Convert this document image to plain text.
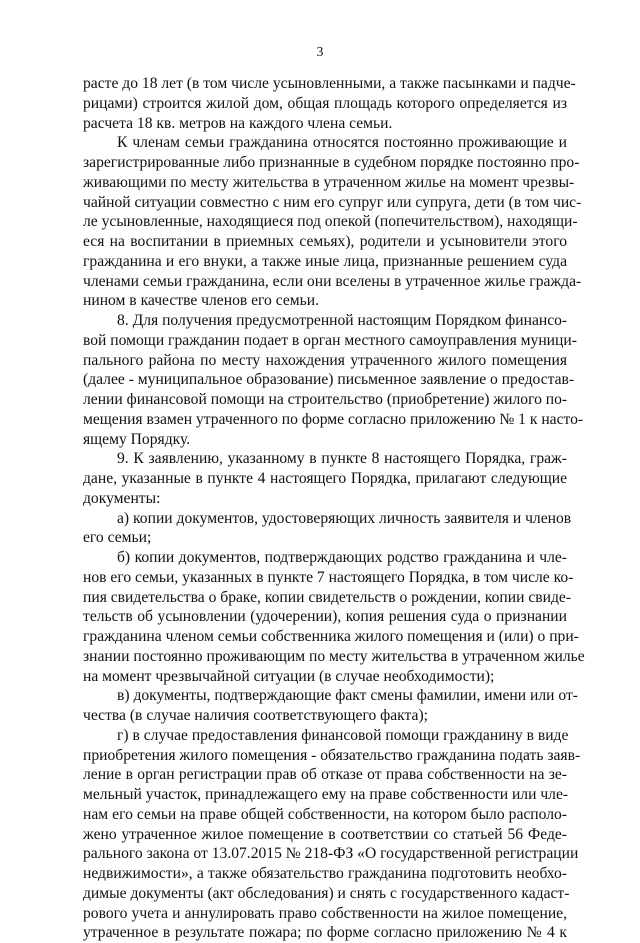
3
расте до 18 лет (в том числе усыновленными, а также пасынками и падче-
рицами) строится жилой дом, общая площадь которого определяется из
расчета 18 кв. метров на каждого члена семьи.
К членам семьи гражданина относятся постоянно проживающие и
зарегистрированные либо признанные в судебном порядке постоянно про-
живающими по месту жительства в утраченном жилье на момент чрезвы-
чайной ситуации совместно с ним его супруг или супруга, дети (в том чис-
ле усыновленные, находящиеся под опекой (попечительством), находящи-
еся на воспитании в приемных семьях), родители и усыновители этого
гражданина и его внуки, а также иные лица, признанные решением суда
членами семьи гражданина, если они вселены в утраченное жилье гражда-
нином в качестве членов его семьи.
8. Для получения предусмотренной настоящим Порядком финансо-
вой помощи гражданин подает в орган местного самоуправления муници-
пального района по месту нахождения утраченного жилого помещения
(далее - муниципальное образование) письменное заявление о предостав-
лении финансовой помощи на строительство (приобретение) жилого по-
мещения взамен утраченного по форме согласно приложению № 1 к насто-
ящему Порядку.
9. К заявлению, указанному в пункте 8 настоящего Порядка, граж-
дане, указанные в пункте 4 настоящего Порядка, прилагают следующие
документы:
а) копии документов, удостоверяющих личность заявителя и членов
его семьи;
б) копии документов, подтверждающих родство гражданина и чле-
нов его семьи, указанных в пункте 7 настоящего Порядка, в том числе ко-
пия свидетельства о браке, копии свидетельств о рождении, копии свиде-
тельств об усыновлении (удочерении), копия решения суда о признании
гражданина членом семьи собственника жилого помещения и (или) о при-
знании постоянно проживающим по месту жительства в утраченном жилье
на момент чрезвычайной ситуации (в случае необходимости);
в) документы, подтверждающие факт смены фамилии, имени или от-
чества (в случае наличия соответствующего факта);
г) в случае предоставления финансовой помощи гражданину в виде
приобретения жилого помещения - обязательство гражданина подать заяв-
ление в орган регистрации прав об отказе от права собственности на зе-
мельный участок, принадлежащего ему на праве собственности или чле-
нам его семьи на праве общей собственности, на котором было располо-
жено утраченное жилое помещение в соответствии со статьей 56 Феде-
рального закона от 13.07.2015 № 218-ФЗ «О государственной регистрации
недвижимости», а также обязательство гражданина подготовить необхо-
димые документы (акт обследования) и снять с государственного кадаст-
рового учета и аннулировать право собственности на жилое помещение,
утраченное в результате пожара; по форме согласно приложению № 4 к
